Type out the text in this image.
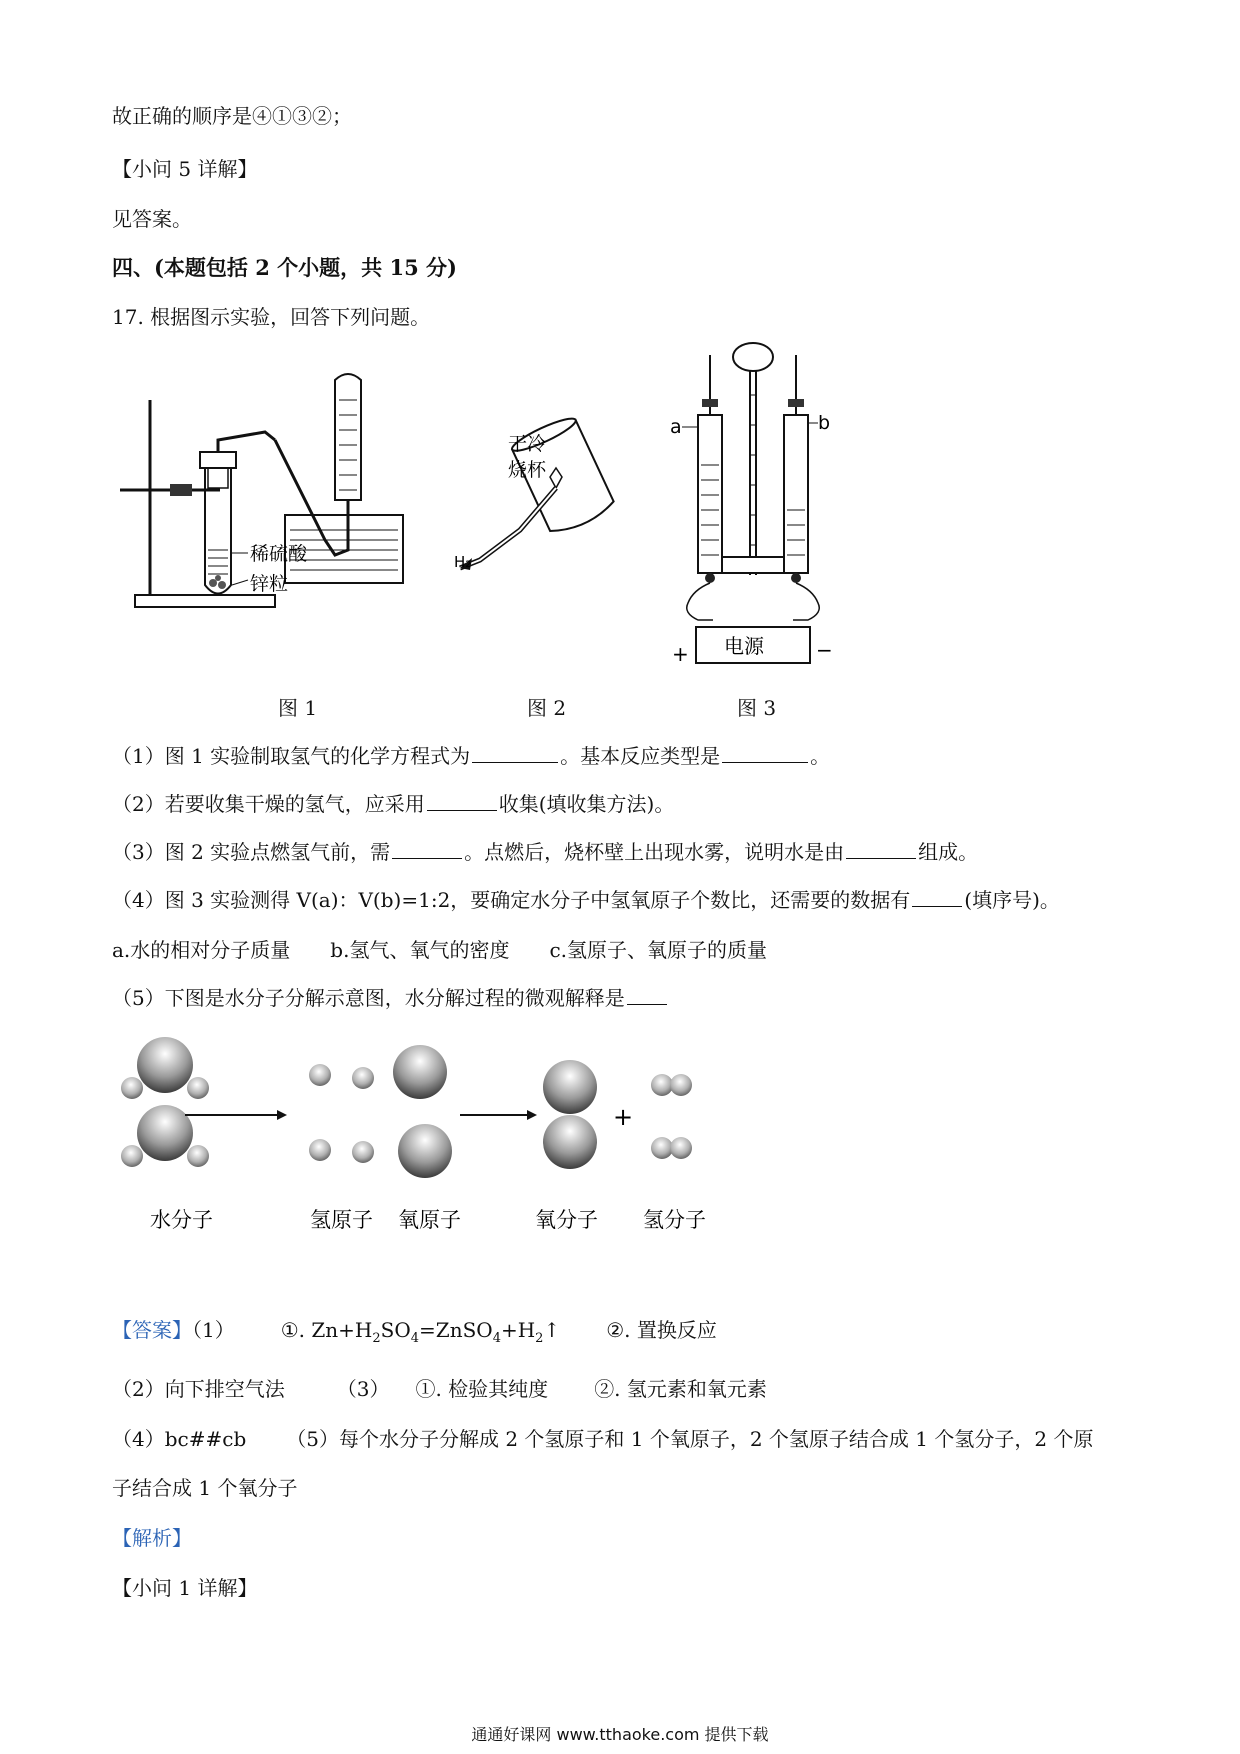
故正确的顺序是④①③②；
【小问 5 详解】
见答案。
四、(本题包括 2 个小题，共 15 分)
17. 根据图示实验，回答下列问题。
稀硫酸
锌粒
干冷
烧杯
H₂
电源
+	−
a	b
图 1	图 2	图 3
（1）图 1 实验制取氢气的化学方程式为	。基本反应类型是	。
（2）若要收集干燥的氢气，应采用	收集(填收集方法)。
（3）图 2 实验点燃氢气前，需	。点燃后，烧杯壁上出现水雾，说明水是由	组成。
（4）图 3 实验测得 V(a)：V(b)=1:2，要确定水分子中氢氧原子个数比，还需要的数据有	(填序号)。
a.水的相对分子质量　　b.氢气、氧气的密度　　c.氢原子、氧原子的质量
（5）下图是水分子分解示意图，水分解过程的微观解释是
+
水分子	氢原子 氧原子	氧分子 氢分子
【答案】（1） ①. $Zn+H_2SO_4=ZnSO_4+H_2↑$ ②. 置换反应
（2）向下排空气法	（3） ①. 检验其纯度 ②. 氢元素和氧元素
（4）bc##cb （5）每个水分子分解成 2 个氢原子和 1 个氧原子，2 个氢原子结合成 1 个氢分子，2 个原
子结合成 1 个氧分子
【解析】
【小问 1 详解】
通通好课网 www.tthaoke.com 提供下载
